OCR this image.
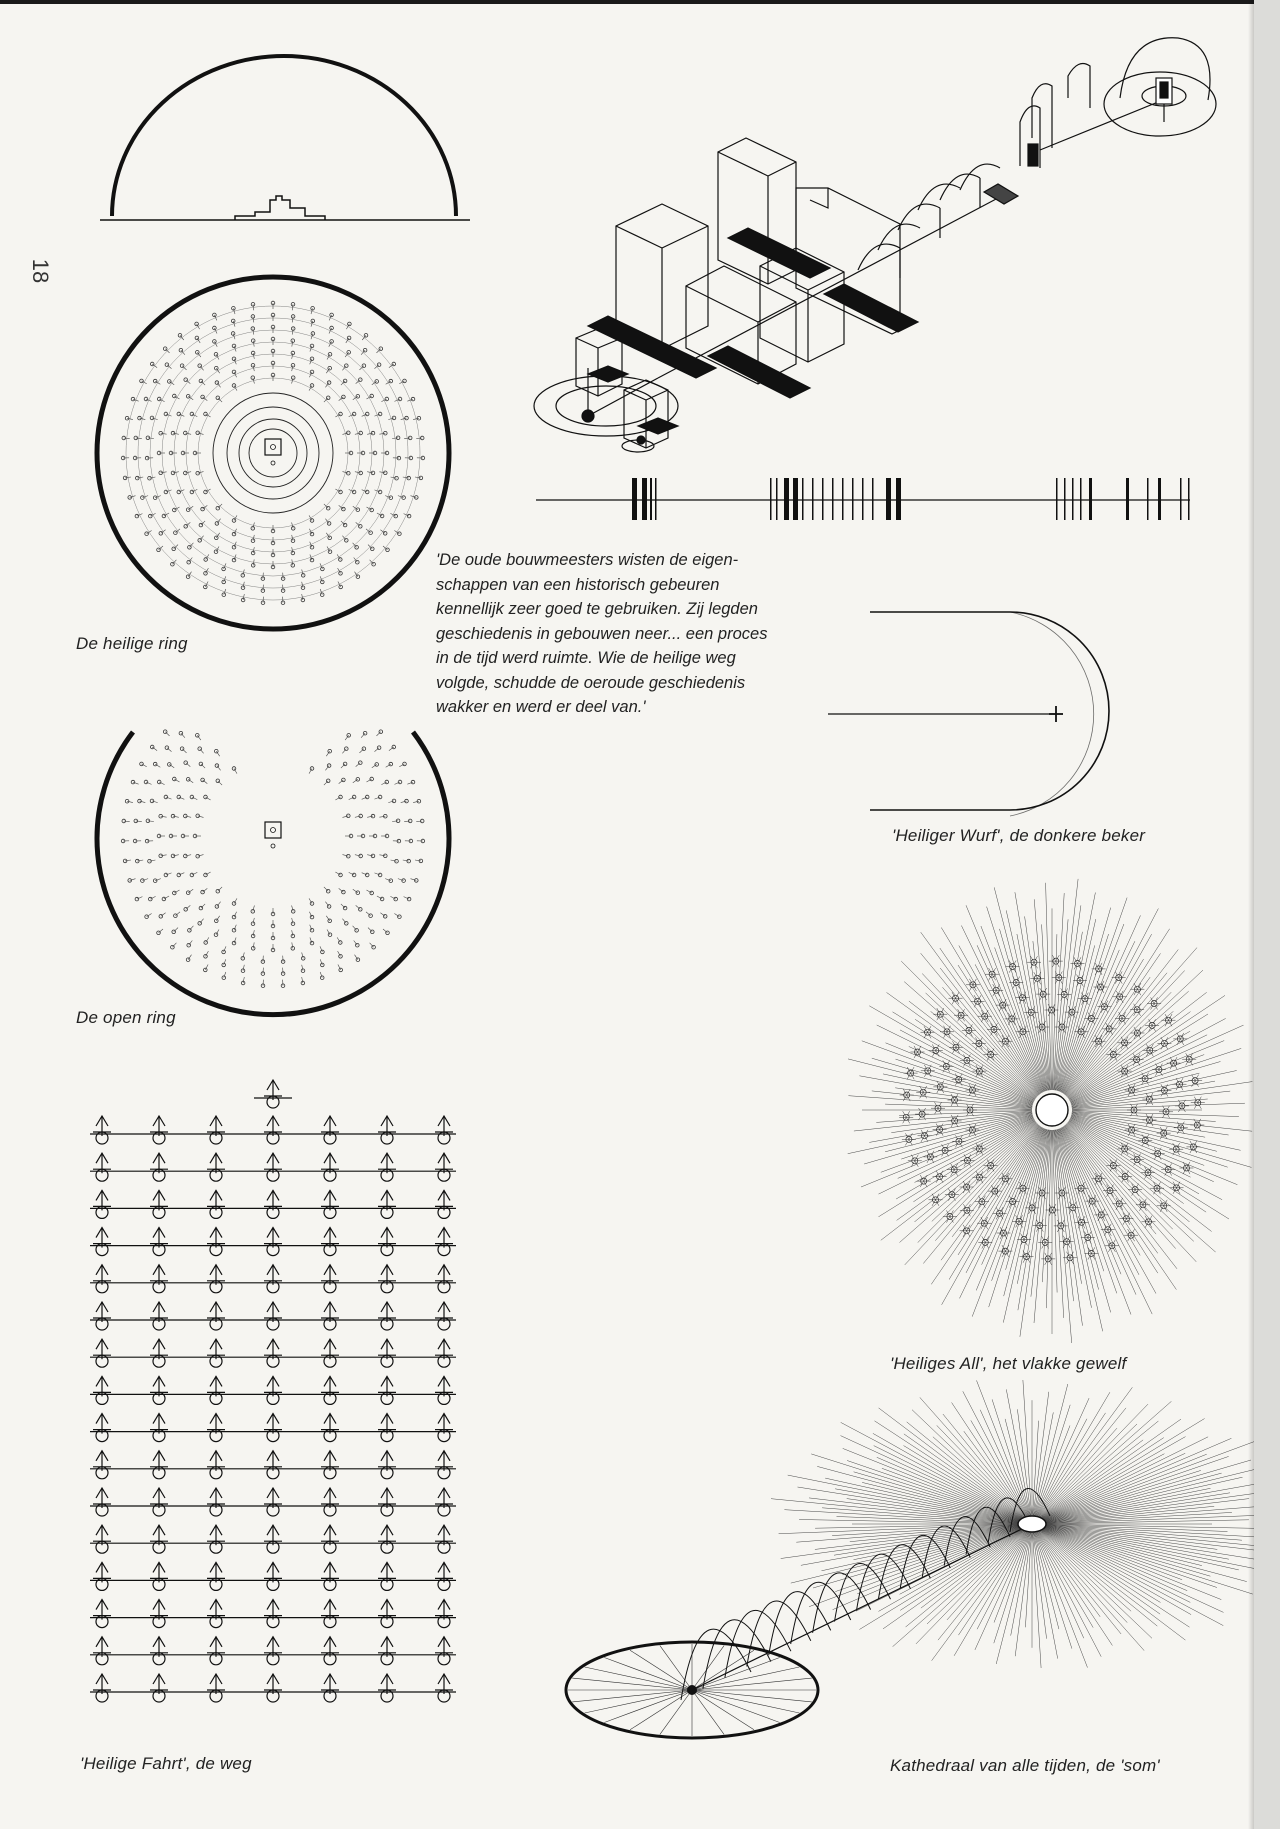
18
De heilige ring
De open ring
'De oude bouwmeesters wisten de eigen-
schappen van een historisch gebeuren
kennellijk zeer goed te gebruiken. Zij legden
geschiedenis in gebouwen neer... een proces
in de tijd werd ruimte. Wie de heilige weg
volgde, schudde de oeroude geschiedenis
wakker en werd er deel van.'
'Heiliger Wurf', de donkere beker
'Heiliges All', het vlakke gewelf
'Heilige Fahrt', de weg	Kathedraal van alle tijden, de 'som'
